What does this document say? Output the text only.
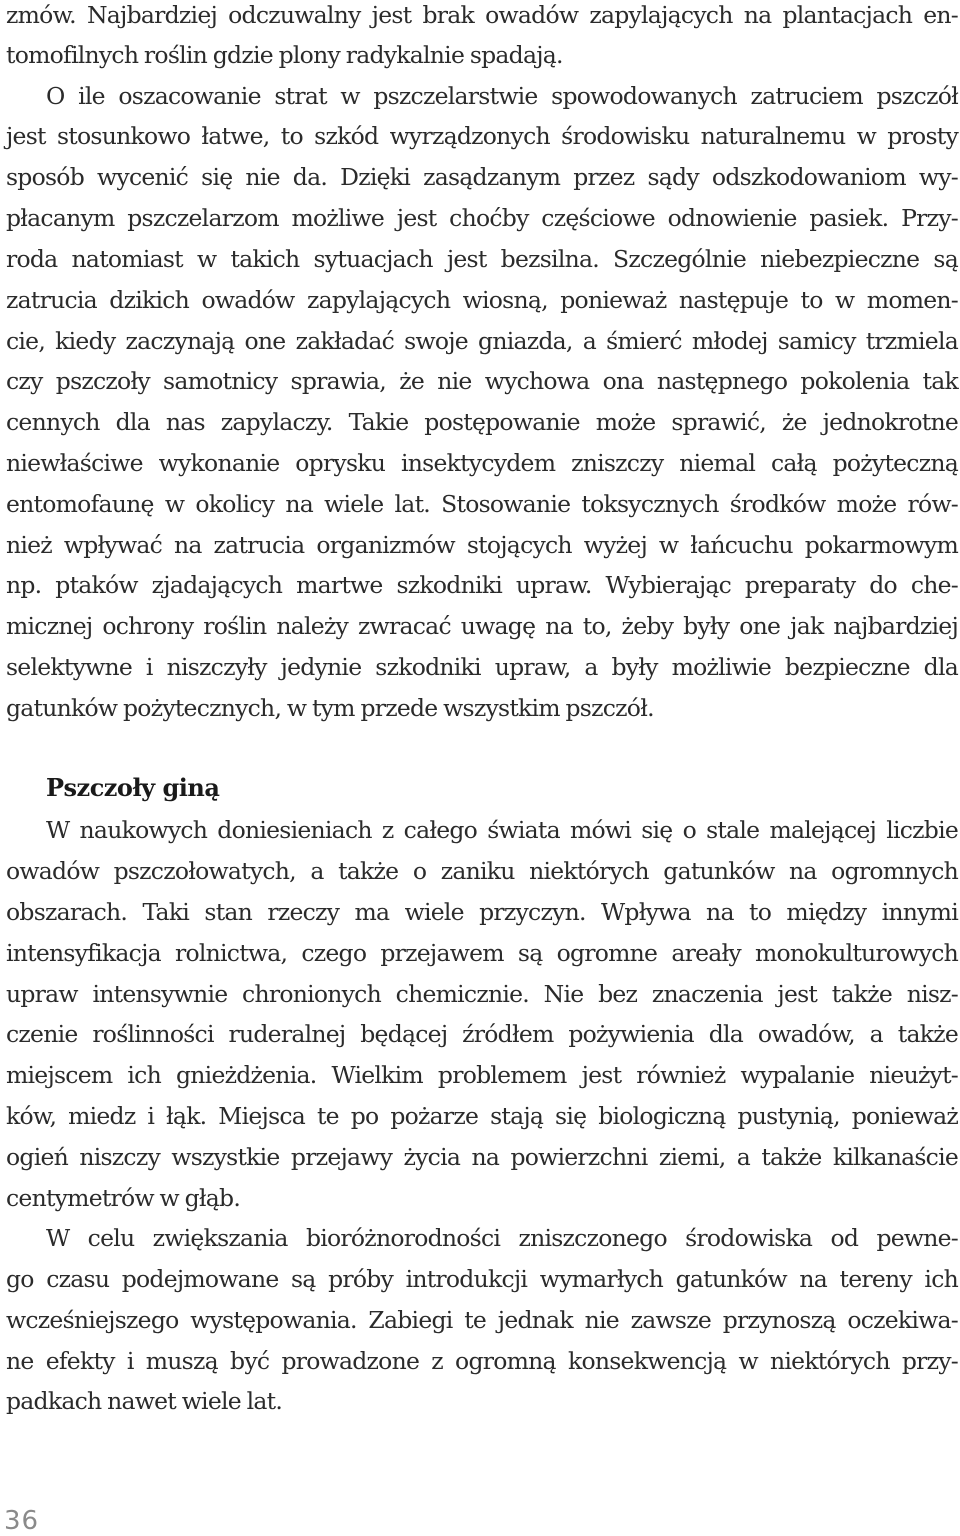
zmów. Najbardziej odczuwalny jest brak owadów zapylających na plantacjach en-
tomofilnych roślin gdzie plony radykalnie spadają.
O ile oszacowanie strat w pszczelarstwie spowodowanych zatruciem pszczół
jest stosunkowo łatwe, to szkód wyrządzonych środowisku naturalnemu w prosty
sposób wycenić się nie da. Dzięki zasądzanym przez sądy odszkodowaniom wy-
płacanym pszczelarzom możliwe jest choćby częściowe odnowienie pasiek. Przy-
roda natomiast w takich sytuacjach jest bezsilna. Szczególnie niebezpieczne są
zatrucia dzikich owadów zapylających wiosną, ponieważ następuje to w momen-
cie, kiedy zaczynają one zakładać swoje gniazda, a śmierć młodej samicy trzmiela
czy pszczoły samotnicy sprawia, że nie wychowa ona następnego pokolenia tak
cennych dla nas zapylaczy. Takie postępowanie może sprawić, że jednokrotne
niewłaściwe wykonanie oprysku insektycydem zniszczy niemal całą pożyteczną
entomofaunę w okolicy na wiele lat. Stosowanie toksycznych środków może rów-
nież wpływać na zatrucia organizmów stojących wyżej w łańcuchu pokarmowym
np. ptaków zjadających martwe szkodniki upraw. Wybierając preparaty do che-
micznej ochrony roślin należy zwracać uwagę na to, żeby były one jak najbardziej
selektywne i niszczyły jedynie szkodniki upraw, a były możliwie bezpieczne dla
gatunków pożytecznych, w tym przede wszystkim pszczół.
Pszczoły giną
W naukowych doniesieniach z całego świata mówi się o stale malejącej liczbie
owadów pszczołowatych, a także o zaniku niektórych gatunków na ogromnych
obszarach. Taki stan rzeczy ma wiele przyczyn. Wpływa na to między innymi
intensyfikacja rolnictwa, czego przejawem są ogromne areały monokulturowych
upraw intensywnie chronionych chemicznie. Nie bez znaczenia jest także nisz-
czenie roślinności ruderalnej będącej źródłem pożywienia dla owadów, a także
miejscem ich gnieżdżenia. Wielkim problemem jest również wypalanie nieużyt-
ków, miedz i łąk. Miejsca te po pożarze stają się biologiczną pustynią, ponieważ
ogień niszczy wszystkie przejawy życia na powierzchni ziemi, a także kilkanaście
centymetrów w głąb.
W celu zwiększania bioróżnorodności zniszczonego środowiska od pewne-
go czasu podejmowane są próby introdukcji wymarłych gatunków na tereny ich
wcześniejszego występowania. Zabiegi te jednak nie zawsze przynoszą oczekiwa-
ne efekty i muszą być prowadzone z ogromną konsekwencją w niektórych przy-
padkach nawet wiele lat.
36
